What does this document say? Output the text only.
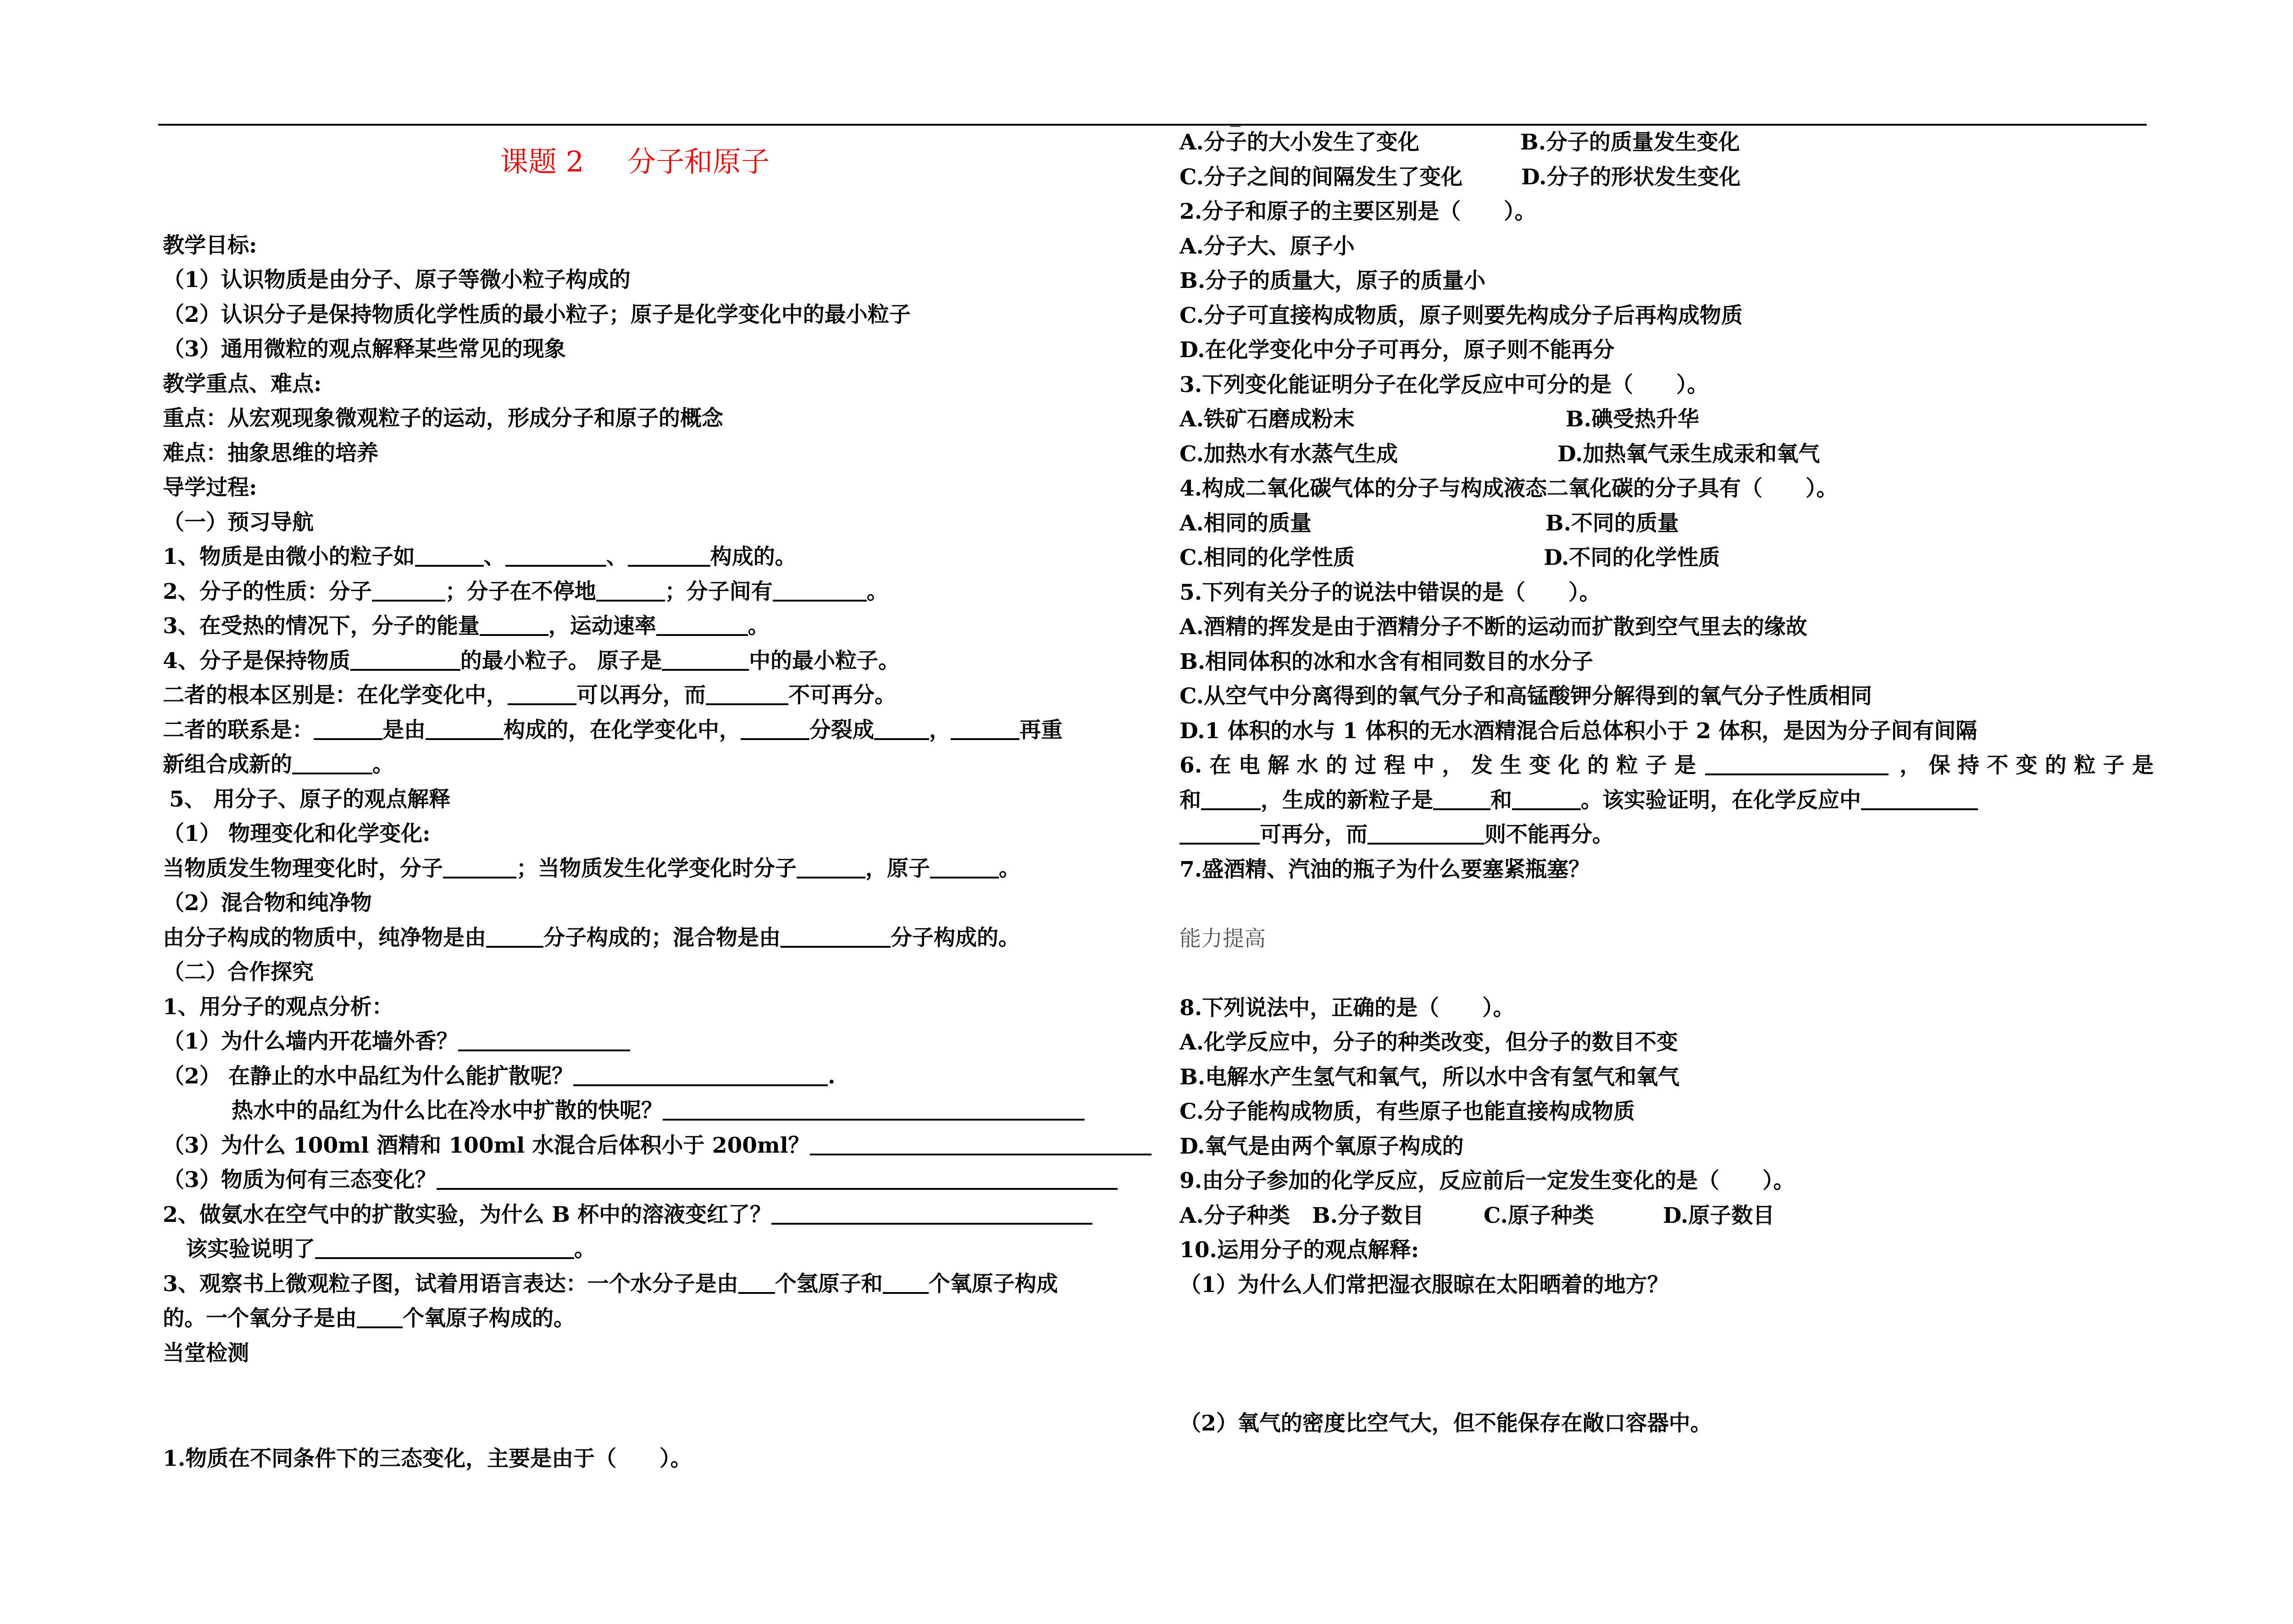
_
课题 2 分子和原子
教学目标:
（1）认识物质是由分子、原子等微小粒子构成的
（2）认识分子是保持物质化学性质的最小粒子；原子是化学变化中的最小粒子
（3）通用微粒的观点解释某些常见的现象
教学重点、难点:
重点：从宏观现象微观粒子的运动，形成分子和原子的概念
难点：抽象思维的培养
导学过程:
（一）预习导航
1、物质是由微小的粒子如	、	、	构成的。
2、分子的性质：分子	；分子在不停地	；分子间有	。
3、在受热的情况下，分子的能量	，运动速率	。
4、分子是保持物质	的最小粒子。 原子是	中的最小粒子。
二者的根本区别是：在化学变化中，	可以再分，而	不可再分。
二者的联系是：	是由	构成的，在化学变化中，	分裂成	，	再重
新组合成新的	。
5、 用分子、原子的观点解释
（1） 物理变化和化学变化:
当物质发生物理变化时，分子	；当物质发生化学变化时分子	，原子	。
（2）混合物和纯净物
由分子构成的物质中，纯净物是由	分子构成的；混合物是由	分子构成的。
（二）合作探究
1、用分子的观点分析：
（1）为什么墙内开花墙外香？
（2） 在静止的水中品红为什么能扩散呢？	.
热水中的品红为什么比在冷水中扩散的快呢？
（3）为什么 100ml 酒精和 100ml 水混合后体积小于 200ml？
（3）物质为何有三态变化？
2、做氨水在空气中的扩散实验，为什么 B 杯中的溶液变红了？
该实验说明了	。
3、观察书上微观粒子图，试着用语言表达：一个水分子是由 个氢原子和 个氧原子构成
的。一个氧分子是由 个氧原子构成的。
当堂检测
1.物质在不同条件下的三态变化，主要是由于（　　）。
A.分子的大小发生了变化	B.分子的质量发生变化
C.分子之间的间隔发生了变化	D.分子的形状发生变化
2.分子和原子的主要区别是（　　）。
A.分子大、原子小
B.分子的质量大，原子的质量小
C.分子可直接构成物质，原子则要先构成分子后再构成物质
D.在化学变化中分子可再分，原子则不能再分
3.下列变化能证明分子在化学反应中可分的是（　　）。
A.铁矿石磨成粉末	B.碘受热升华
C.加热水有水蒸气生成	D.加热氧气汞生成汞和氧气
4.构成二氧化碳气体的分子与构成液态二氧化碳的分子具有（　　）。
A.相同的质量	B.不同的质量
C.相同的化学性质	D.不同的化学性质
5.下列有关分子的说法中错误的是（　　）。
A.酒精的挥发是由于酒精分子不断的运动而扩散到空气里去的缘故
B.相同体积的冰和水含有相同数目的水分子
C.从空气中分离得到的氧气分子和高锰酸钾分解得到的氧气分子性质相同
D.1 体积的水与 1 体积的无水酒精混合后总体积小于 2 体积，是因为分子间有间隔
6. 在 电 解 水 的 过 程 中 ， 发 生 变 化 的 粒 子 是	， 保 持 不 变 的 粒 子 是
和	，生成的新粒子是	和	。该实验证明，在化学反应中
可再分，而	则不能再分。
7.盛酒精、汽油的瓶子为什么要塞紧瓶塞？
能力提高
8.下列说法中，正确的是（　　）。
A.化学反应中，分子的种类改变，但分子的数目不变
B.电解水产生氢气和氧气，所以水中含有氢气和氧气
C.分子能构成物质，有些原子也能直接构成物质
D.氧气是由两个氧原子构成的
9.由分子参加的化学反应，反应前后一定发生变化的是（　　）。
A.分子种类 B.分子数目	C.原子种类	D.原子数目
10.运用分子的观点解释:
（1）为什么人们常把湿衣服晾在太阳晒着的地方？
（2）氧气的密度比空气大，但不能保存在敞口容器中。
